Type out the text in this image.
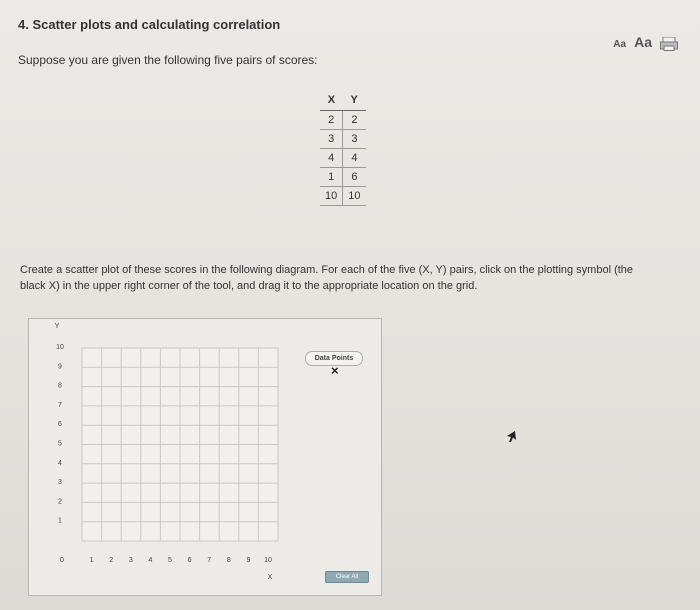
4. Scatter plots and calculating correlation
Aa Aa
Suppose you are given the following five pairs of scores:
X	Y
2	2
3	3
4	4
1	6
10	10
Create a scatter plot of these scores in the following diagram. For each of the five (X, Y) pairs, click on the plotting symbol (the black X) in the upper right corner of the tool, and drag it to the appropriate location on the grid.
0	1 2 3 4 5 6 7 8 9 10
1
2
3
4
5
6
7
8
9
10
X
Y
Data Points
×
Clear All
